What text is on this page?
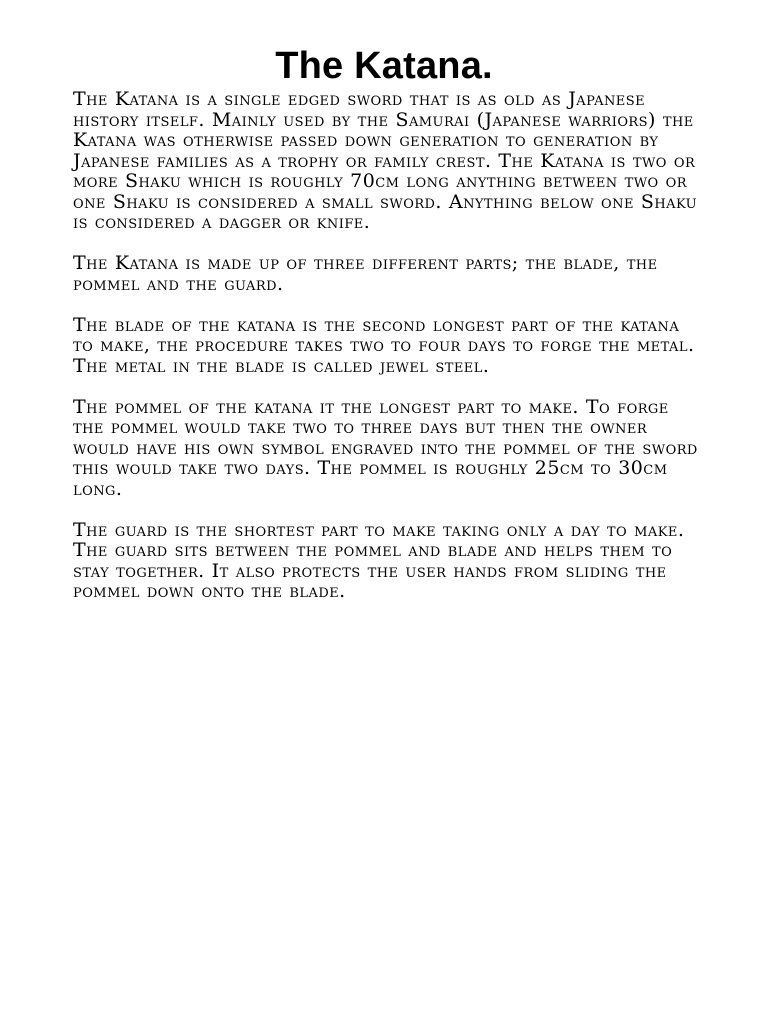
The Katana.

The Katana is a single edged sword that is as old as Japanese history itself. Mainly used by the Samurai (Japanese warriors) the Katana was otherwise passed down generation to generation by Japanese families as a trophy or family crest. The Katana is two or more Shaku which is roughly 70cm long anything between two or one Shaku is considered a small sword. Anything below one Shaku is considered a dagger or knife.

The Katana is made up of three different parts; the blade, the pommel and the guard.

The blade of the katana is the second longest part of the katana to make, the procedure takes two to four days to forge the metal. The metal in the blade is called jewel steel.

The pommel of the katana it the longest part to make. To forge the pommel would take two to three days but then the owner would have his own symbol engraved into the pommel of the sword this would take two days. The pommel is roughly 25cm to 30cm long.

The guard is the shortest part to make taking only a day to make. The guard sits between the pommel and blade and helps them to stay together. It also protects the user hands from sliding the pommel down onto the blade.
